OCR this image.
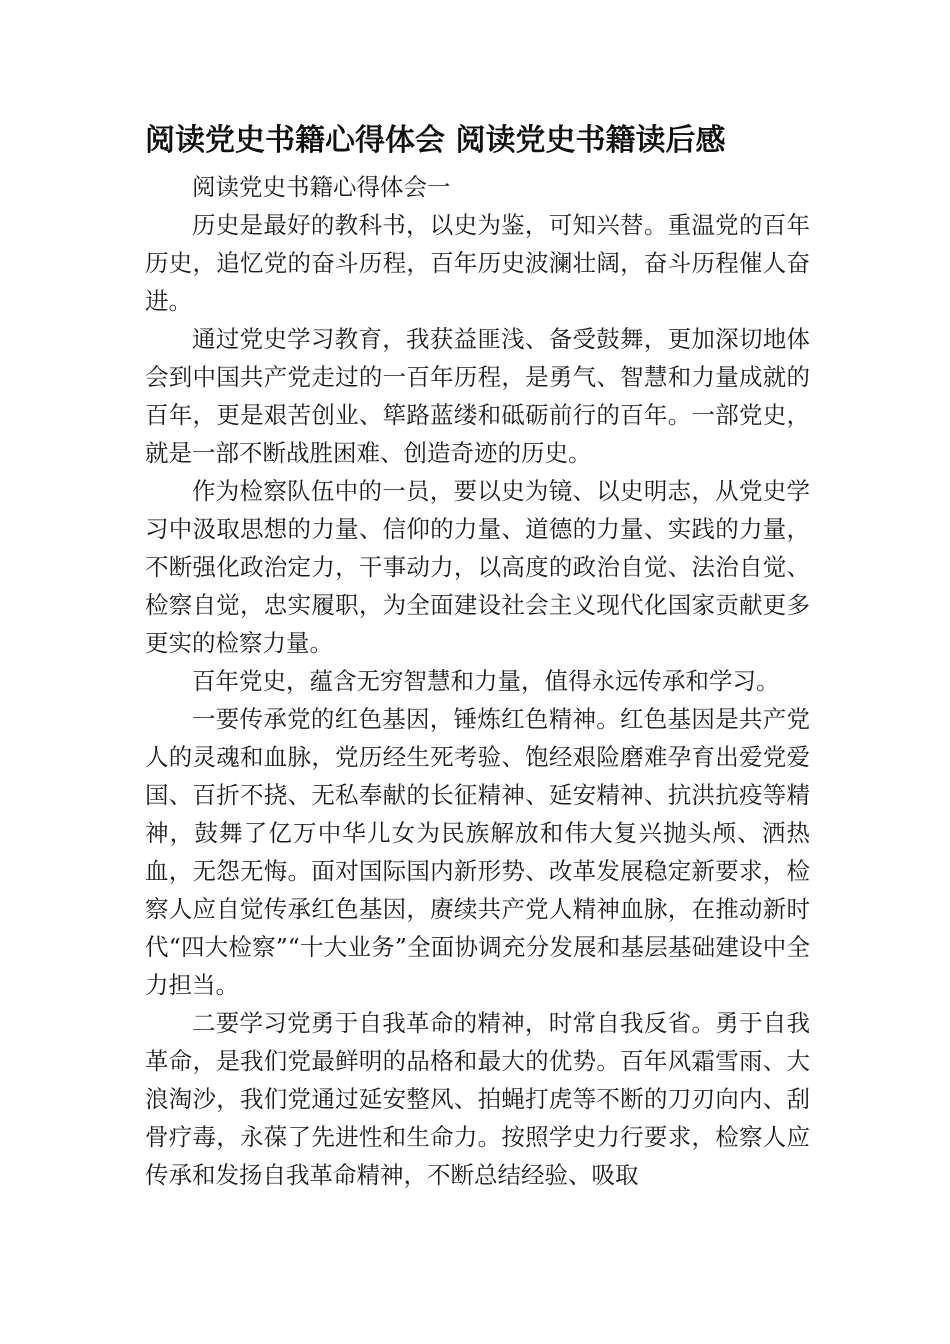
阅读党史书籍心得体会 阅读党史书籍读后感

阅读党史书籍心得体会一

历史是最好的教科书，以史为鉴，可知兴替。重温党的百年历史，追忆党的奋斗历程，百年历史波澜壮阔，奋斗历程催人奋进。

通过党史学习教育，我获益匪浅、备受鼓舞，更加深切地体会到中国共产党走过的一百年历程，是勇气、智慧和力量成就的百年，更是艰苦创业、筚路蓝缕和砥砺前行的百年。一部党史，就是一部不断战胜困难、创造奇迹的历史。

作为检察队伍中的一员，要以史为镜、以史明志，从党史学习中汲取思想的力量、信仰的力量、道德的力量、实践的力量，不断强化政治定力，干事动力，以高度的政治自觉、法治自觉、检察自觉，忠实履职，为全面建设社会主义现代化国家贡献更多更实的检察力量。

百年党史，蕴含无穷智慧和力量，值得永远传承和学习。

一要传承党的红色基因，锤炼红色精神。红色基因是共产党人的灵魂和血脉，党历经生死考验、饱经艰险磨难孕育出爱党爱国、百折不挠、无私奉献的长征精神、延安精神、抗洪抗疫等精神，鼓舞了亿万中华儿女为民族解放和伟大复兴抛头颅、洒热血，无怨无悔。面对国际国内新形势、改革发展稳定新要求，检察人应自觉传承红色基因，赓续共产党人精神血脉，在推动新时代“四大检察”“十大业务”全面协调充分发展和基层基础建设中全力担当。

二要学习党勇于自我革命的精神，时常自我反省。勇于自我革命，是我们党最鲜明的品格和最大的优势。百年风霜雪雨、大浪淘沙，我们党通过延安整风、拍蝇打虎等不断的刀刃向内、刮骨疗毒，永葆了先进性和生命力。按照学史力行要求，检察人应传承和发扬自我革命精神，不断总结经验、吸取
